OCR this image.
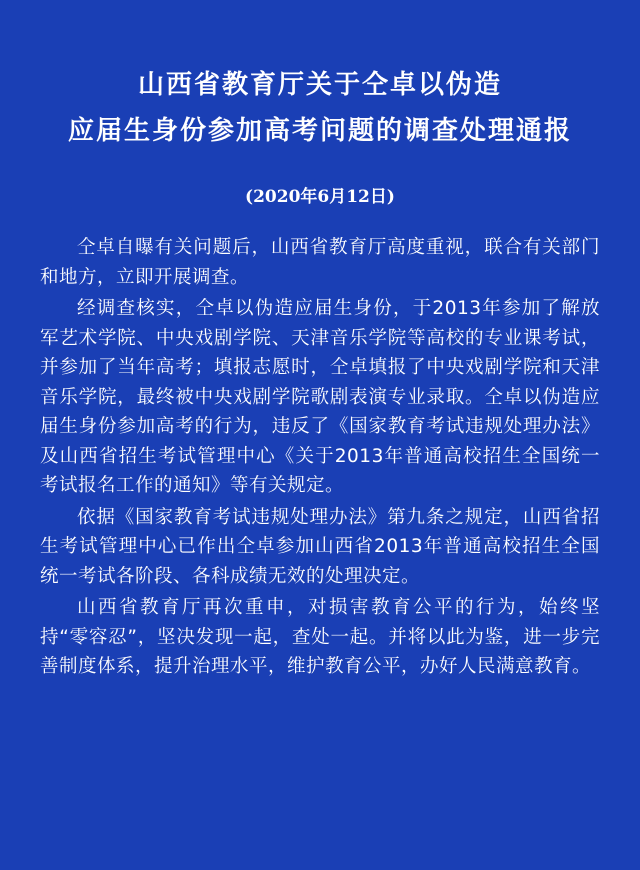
山西省教育厅关于仝卓以伪造
应届生身份参加高考问题的调查处理通报
(2020年6月12日)

仝卓自曝有关问题后，山西省教育厅高度重视，联合有关部门和地方，立即开展调查。

经调查核实，仝卓以伪造应届生身份，于2013年参加了解放军艺术学院、中央戏剧学院、天津音乐学院等高校的专业课考试，并参加了当年高考；填报志愿时，仝卓填报了中央戏剧学院和天津音乐学院，最终被中央戏剧学院歌剧表演专业录取。仝卓以伪造应届生身份参加高考的行为，违反了《国家教育考试违规处理办法》及山西省招生考试管理中心《关于2013年普通高校招生全国统一考试报名工作的通知》等有关规定。

依据《国家教育考试违规处理办法》第九条之规定，山西省招生考试管理中心已作出仝卓参加山西省2013年普通高校招生全国统一考试各阶段、各科成绩无效的处理决定。

山西省教育厅再次重申，对损害教育公平的行为，始终坚持“零容忍”，坚决发现一起，查处一起。并将以此为鉴，进一步完善制度体系，提升治理水平，维护教育公平，办好人民满意教育。
